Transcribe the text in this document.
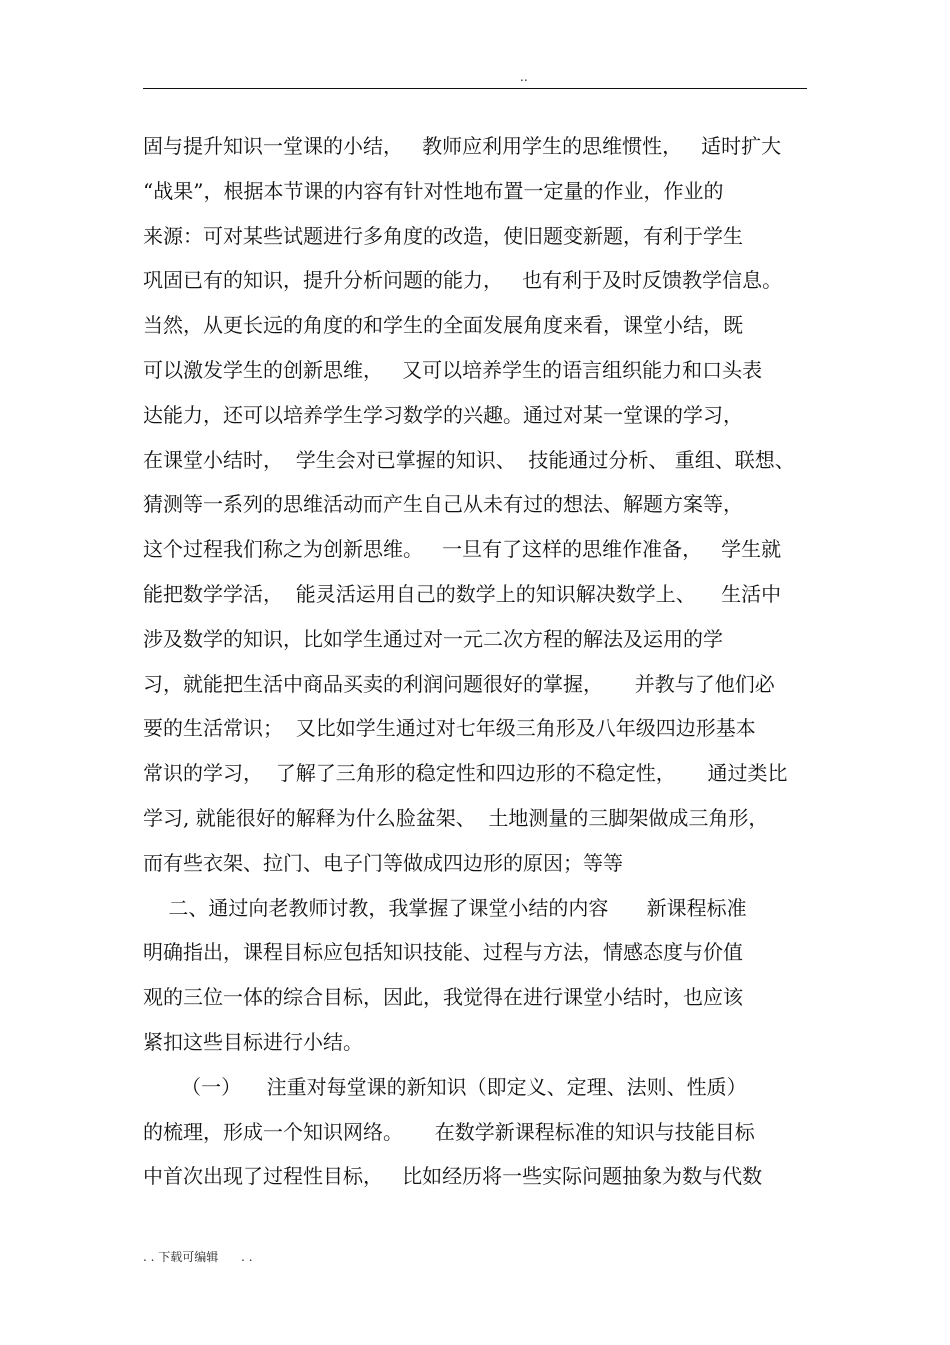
..
固与提升知识一堂课的小结，   教师应利用学生的思维惯性，   适时扩大
“战果”，根据本节课的内容有针对性地布置一定量的作业，作业的
来源：可对某些试题进行多角度的改造，使旧题变新题，有利于学生
巩固已有的知识，提升分析问题的能力，   也有利于及时反馈教学信息。
当然，从更长远的角度的和学生的全面发展角度来看，课堂小结，既
可以激发学生的创新思维，   又可以培养学生的语言组织能力和口头表
达能力，还可以培养学生学习数学的兴趣。通过对某一堂课的学习，
在课堂小结时，  学生会对已掌握的知识、  技能通过分析、 重组、联想、
猜测等一系列的思维活动而产生自己从未有过的想法、解题方案等，
这个过程我们称之为创新思维。   一旦有了这样的思维作准备，   学生就
能把数学学活，  能灵活运用自己的数学上的知识解决数学上、    生活中
涉及数学的知识，比如学生通过对一元二次方程的解法及运用的学
习，就能把生活中商品买卖的利润问题很好的掌握，     并教与了他们必
要的生活常识；  又比如学生通过对七年级三角形及八年级四边形基本
常识的学习，  了解了三角形的稳定性和四边形的不稳定性，     通过类比
学习, 就能很好的解释为什么脸盆架、  土地测量的三脚架做成三角形，
而有些衣架、拉门、电子门等做成四边形的原因；等等
二、通过向老教师讨教，我掌握了课堂小结的内容      新课程标准
明确指出，课程目标应包括知识技能、过程与方法，情感态度与价值
观的三位一体的综合目标，因此，我觉得在进行课堂小结时，也应该
紧扣这些目标进行小结。
（一）    注重对每堂课的新知识（即定义、定理、法则、性质）
的梳理，形成一个知识网络。     在数学新课程标准的知识与技能目标
中首次出现了过程性目标，   比如经历将一些实际问题抽象为数与代数
. . 下载可编辑      . .
